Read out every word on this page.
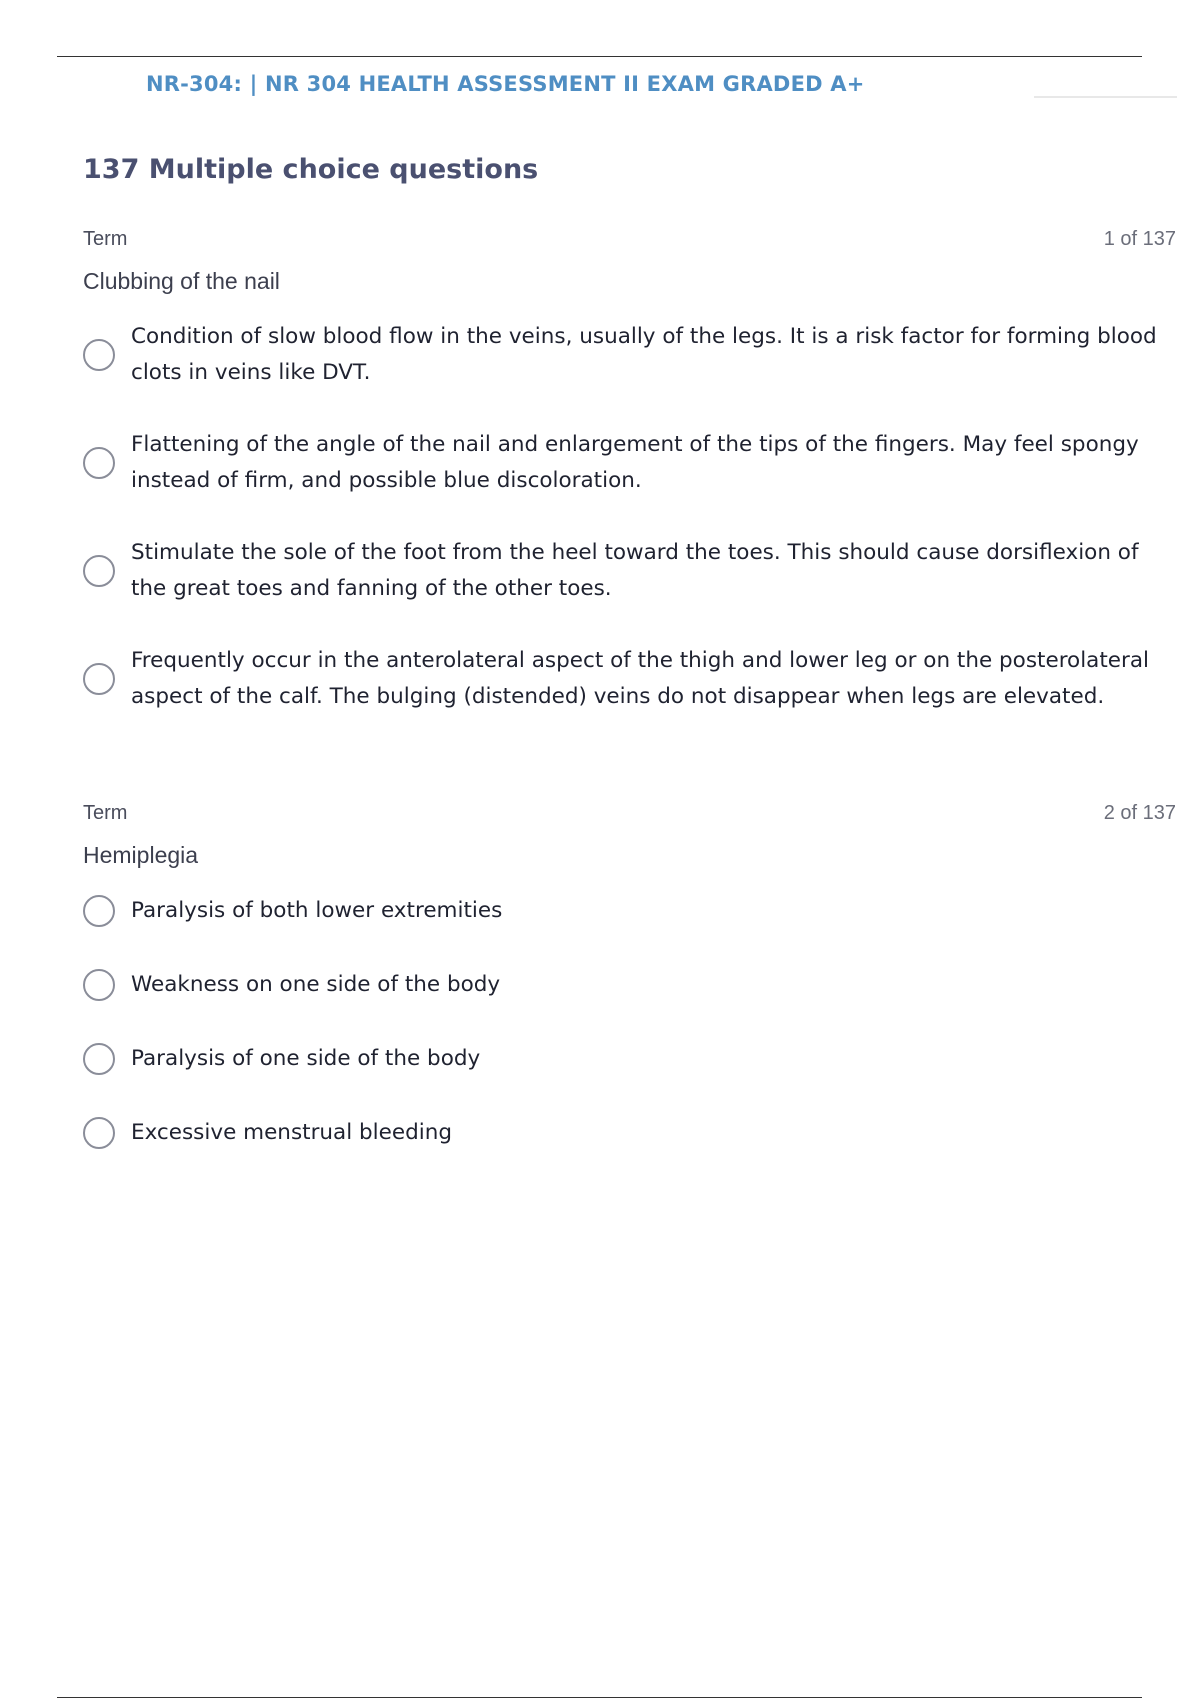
NR-304: | NR 304 HEALTH ASSESSMENT II EXAM GRADED A+
137 Multiple choice questions
Term	1 of 137
Clubbing of the nail
Condition of slow blood flow in the veins, usually of the legs. It is a risk factor for forming blood clots in veins like DVT.
Flattening of the angle of the nail and enlargement of the tips of the fingers. May feel spongy instead of firm, and possible blue discoloration.
Stimulate the sole of the foot from the heel toward the toes. This should cause dorsiflexion of the great toes and fanning of the other toes.
Frequently occur in the anterolateral aspect of the thigh and lower leg or on the posterolateral aspect of the calf. The bulging (distended) veins do not disappear when legs are elevated.
Term	2 of 137
Hemiplegia
Paralysis of both lower extremities
Weakness on one side of the body
Paralysis of one side of the body
Excessive menstrual bleeding
